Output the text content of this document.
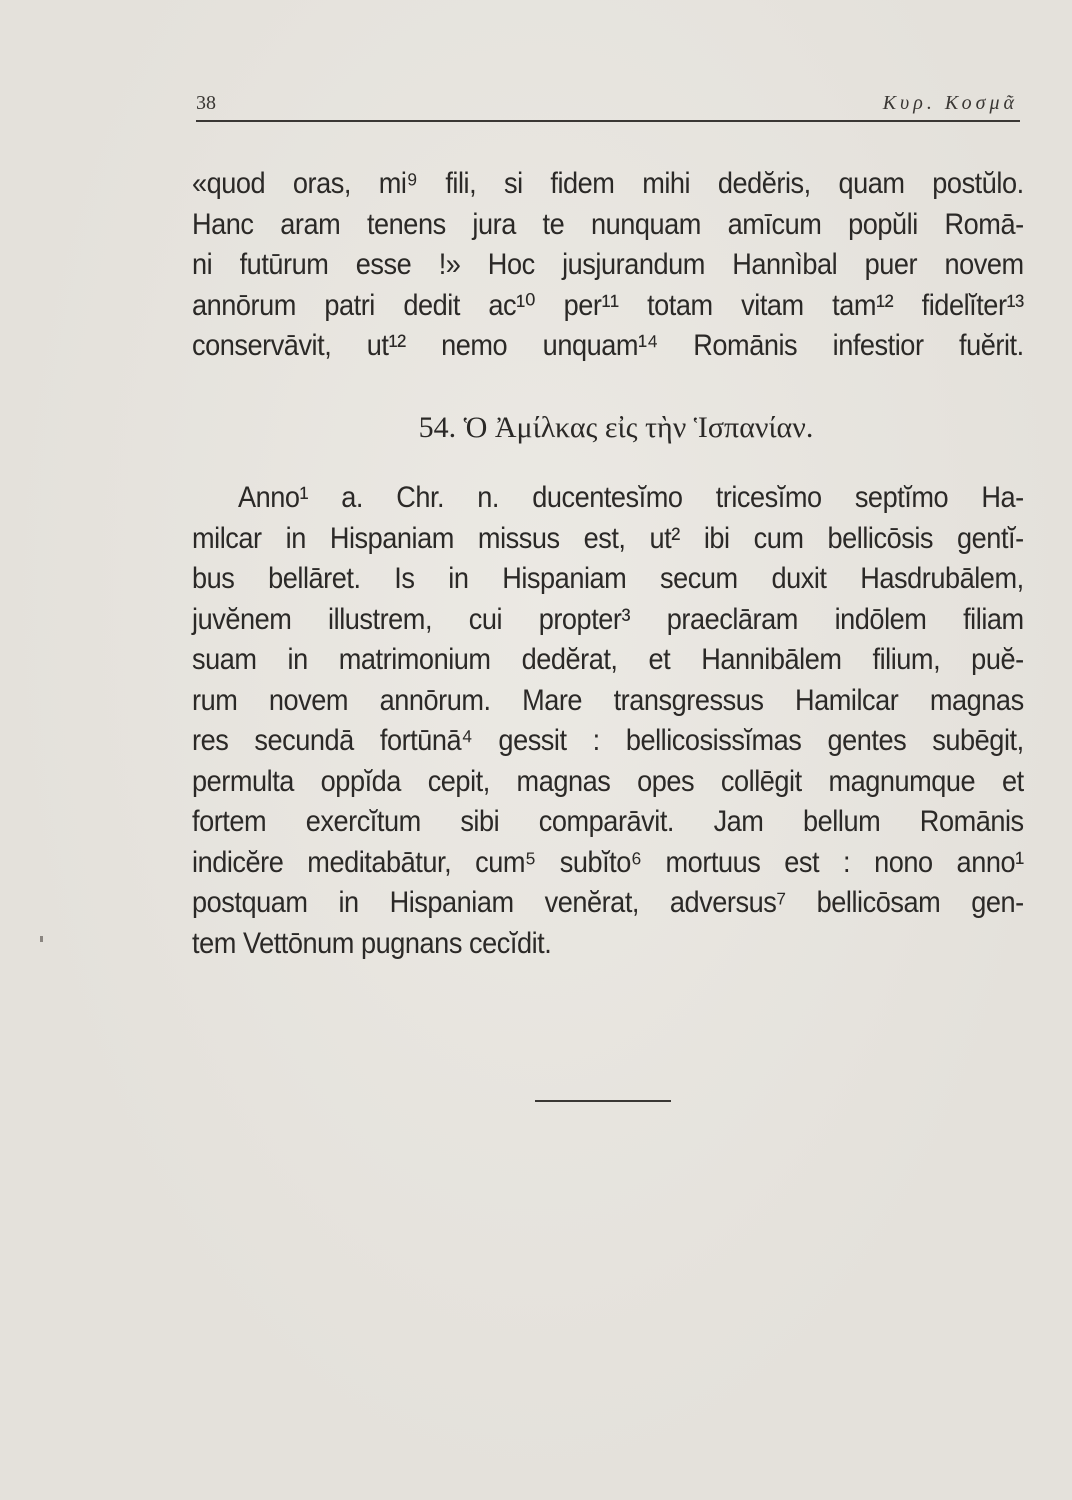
38	Κυρ. Κοσμᾶ
«quod oras, mi⁹ fili, si fidem mihi dedĕris, quam postŭlo.
Hanc aram tenens jura te nunquam amīcum popŭli Romā-
ni futūrum esse !» Hoc jusjurandum Hannìbal puer novem
annōrum patri dedit ac¹⁰ per¹¹ totam vitam tam¹² fidelĭter¹³
conservāvit, ut¹² nemo unquam¹⁴ Romānis infestior fuĕrit.
54. Ὁ Ἀμίλκας εἰς τὴν Ἱσπανίαν.
Anno¹ a. Chr. n. ducentesĭmo tricesĭmo septĭmo Ha-
milcar in Hispaniam missus est, ut² ibi cum bellicōsis gentĭ-
bus bellāret. Is in Hispaniam secum duxit Hasdrubālem,
juvĕnem illustrem, cui propter³ praeclāram indōlem filiam
suam in matrimonium dedĕrat, et Hannibālem filium, puĕ-
rum novem annōrum. Mare transgressus Hamilcar magnas
res secundā fortūnā⁴ gessit : bellicosissĭmas gentes subēgit,
permulta oppĭda cepit, magnas opes collēgit magnumque et
fortem exercĭtum sibi comparāvit. Jam bellum Romānis
indicĕre meditabātur, cum⁵ subĭto⁶ mortuus est : nono anno¹
postquam in Hispaniam venĕrat, adversus⁷ bellicōsam gen-
tem Vettōnum pugnans cecĭdit.
